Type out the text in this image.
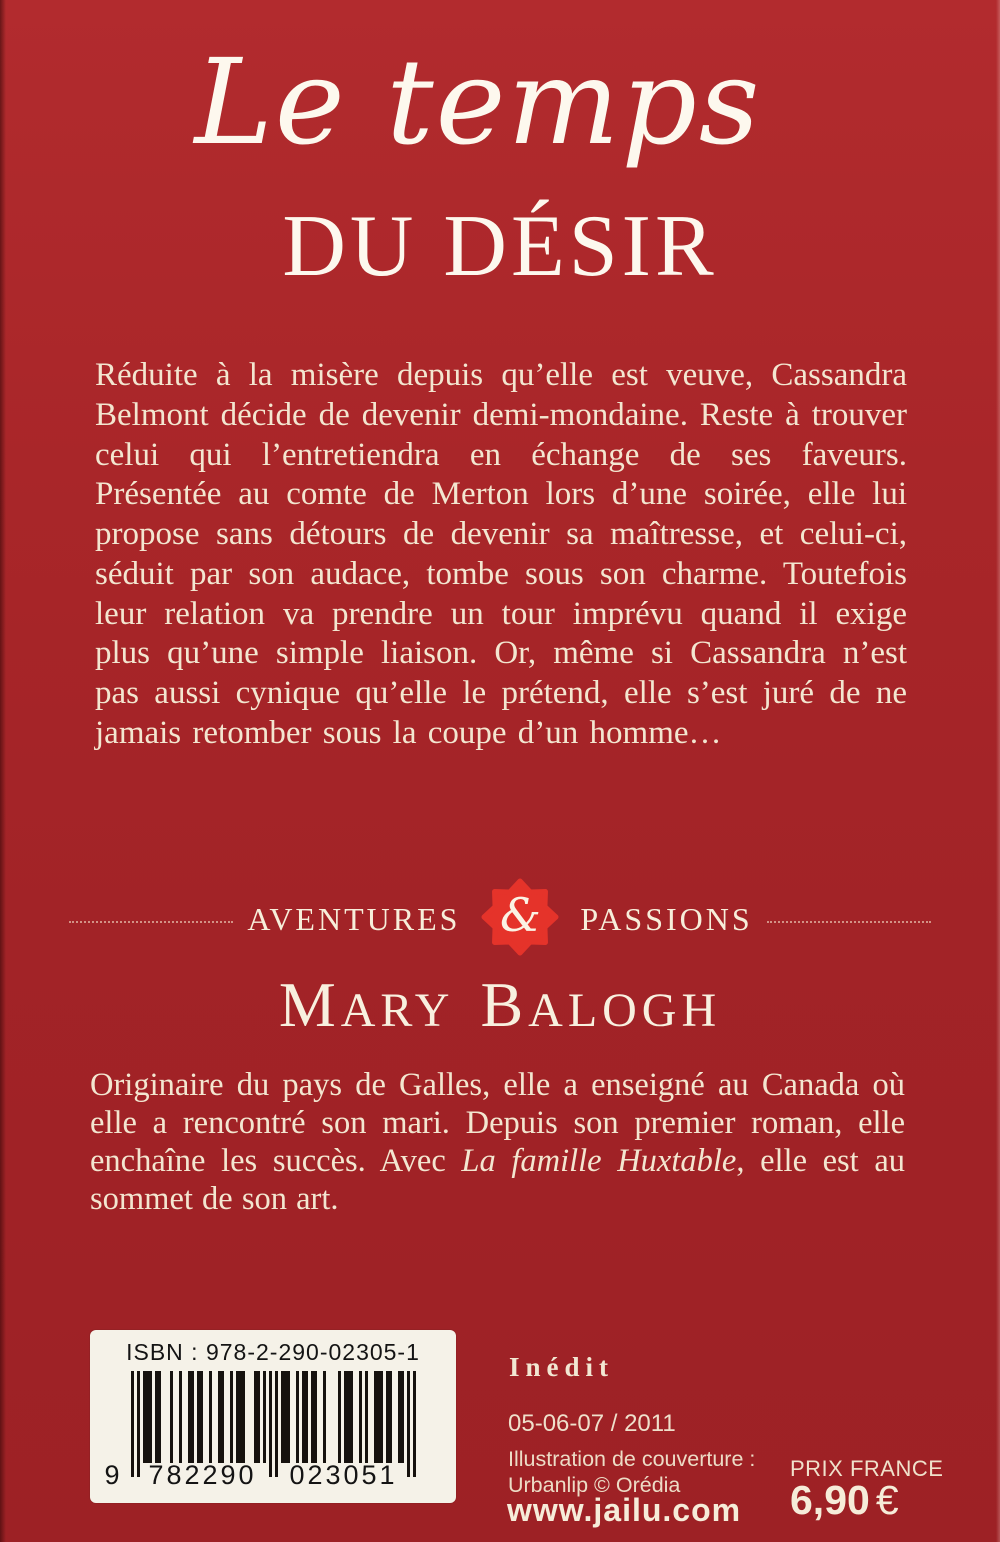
Le temps
DU DÉSIR

Réduite à la misère depuis qu’elle est veuve, Cassandra Belmont décide de devenir demi-mondaine. Reste à trouver celui qui l’entretiendra en échange de ses faveurs. Présentée au comte de Merton lors d’une soirée, elle lui propose sans détours de devenir sa maîtresse, et celui-ci, séduit par son audace, tombe sous son charme. Toutefois leur relation va prendre un tour imprévu quand il exige plus qu’une simple liaison. Or, même si Cassandra n’est pas aussi cynique qu’elle le prétend, elle s’est juré de ne jamais retomber sous la coupe d’un homme…

AVENTURES &	PASSIONS
MARY BALOGH

Originaire du pays de Galles, elle a enseigné au Canada où elle a rencontré son mari. Depuis son premier roman, elle enchaîne les succès. Avec La famille Huxtable, elle est au sommet de son art.

ISBN : 978-2-290-02305-1
9	782290	023051
Inédit
05-06-07 / 2011
Illustration de couverture :
Urbanlip © Orédia
www.jailu.com
PRIX FRANCE
6,90 €
